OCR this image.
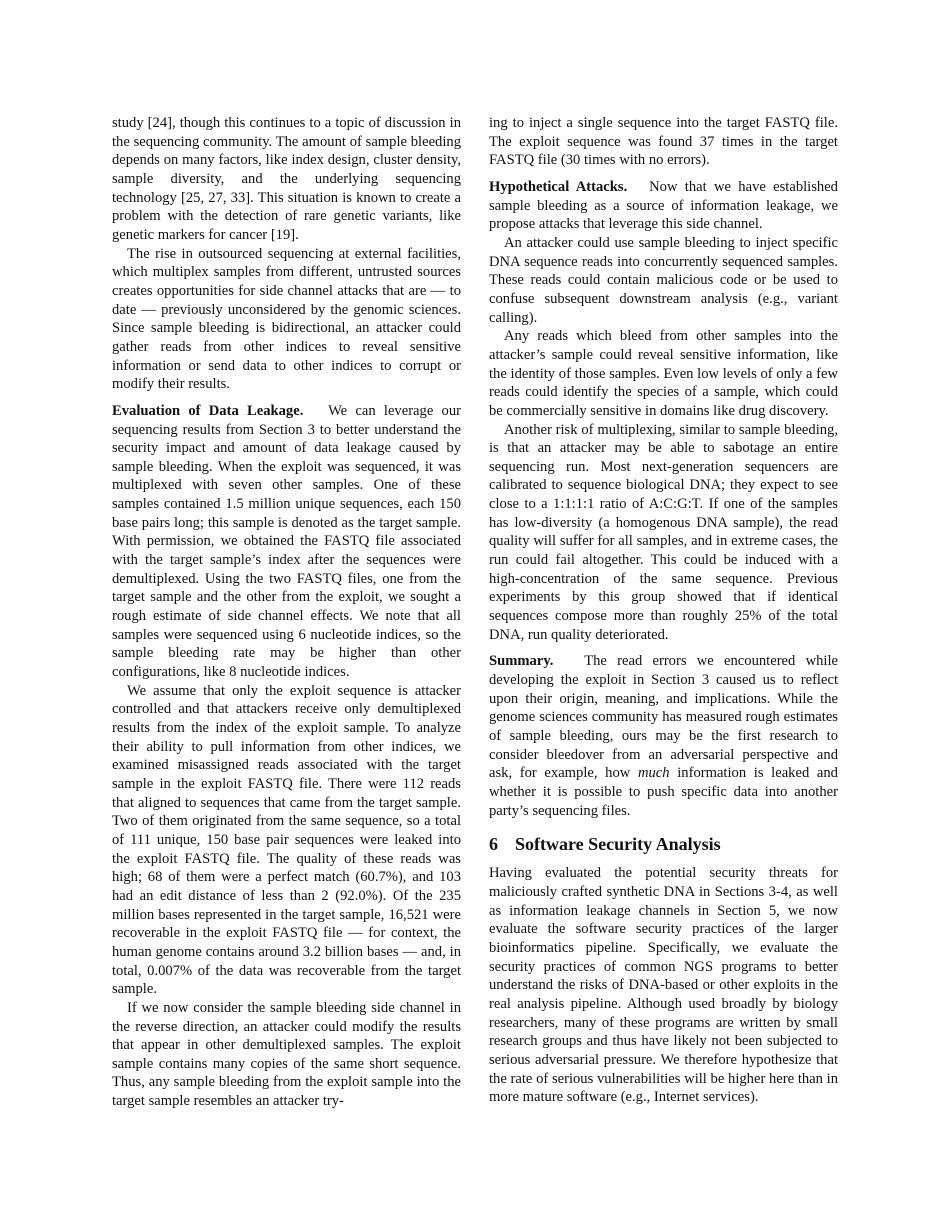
study [24], though this continues to a topic of discussion in the sequencing community. The amount of sample bleeding depends on many factors, like index design, cluster density, sample diversity, and the underlying sequencing technology [25, 27, 33]. This situation is known to create a problem with the detection of rare genetic variants, like genetic markers for cancer [19].

The rise in outsourced sequencing at external facilities, which multiplex samples from different, untrusted sources creates opportunities for side channel attacks that are — to date — previously unconsidered by the genomic sciences. Since sample bleeding is bidirectional, an attacker could gather reads from other indices to reveal sensitive information or send data to other indices to corrupt or modify their results.

Evaluation of Data Leakage. We can leverage our sequencing results from Section 3 to better understand the security impact and amount of data leakage caused by sample bleeding. When the exploit was sequenced, it was multiplexed with seven other samples. One of these samples contained 1.5 million unique sequences, each 150 base pairs long; this sample is denoted as the target sample. With permission, we obtained the FASTQ file associated with the target sample’s index after the sequences were demultiplexed. Using the two FASTQ files, one from the target sample and the other from the exploit, we sought a rough estimate of side channel effects. We note that all samples were sequenced using 6 nucleotide indices, so the sample bleeding rate may be higher than other configurations, like 8 nucleotide indices.

We assume that only the exploit sequence is attacker controlled and that attackers receive only demultiplexed results from the index of the exploit sample. To analyze their ability to pull information from other indices, we examined misassigned reads associated with the target sample in the exploit FASTQ file. There were 112 reads that aligned to sequences that came from the target sample. Two of them originated from the same sequence, so a total of 111 unique, 150 base pair sequences were leaked into the exploit FASTQ file. The quality of these reads was high; 68 of them were a perfect match (60.7%), and 103 had an edit distance of less than 2 (92.0%). Of the 235 million bases represented in the target sample, 16,521 were recoverable in the exploit FASTQ file — for context, the human genome contains around 3.2 billion bases — and, in total, 0.007% of the data was recoverable from the target sample.

If we now consider the sample bleeding side channel in the reverse direction, an attacker could modify the results that appear in other demultiplexed samples. The exploit sample contains many copies of the same short sequence. Thus, any sample bleeding from the exploit sample into the target sample resembles an attacker try-

ing to inject a single sequence into the target FASTQ file. The exploit sequence was found 37 times in the target FASTQ file (30 times with no errors).

Hypothetical Attacks. Now that we have established sample bleeding as a source of information leakage, we propose attacks that leverage this side channel.

An attacker could use sample bleeding to inject specific DNA sequence reads into concurrently sequenced samples. These reads could contain malicious code or be used to confuse subsequent downstream analysis (e.g., variant calling).

Any reads which bleed from other samples into the attacker’s sample could reveal sensitive information, like the identity of those samples. Even low levels of only a few reads could identify the species of a sample, which could be commercially sensitive in domains like drug discovery.

Another risk of multiplexing, similar to sample bleeding, is that an attacker may be able to sabotage an entire sequencing run. Most next-generation sequencers are calibrated to sequence biological DNA; they expect to see close to a 1:1:1:1 ratio of A:C:G:T. If one of the samples has low-diversity (a homogenous DNA sample), the read quality will suffer for all samples, and in extreme cases, the run could fail altogether. This could be induced with a high-concentration of the same sequence. Previous experiments by this group showed that if identical sequences compose more than roughly 25% of the total DNA, run quality deteriorated.

Summary. The read errors we encountered while developing the exploit in Section 3 caused us to reflect upon their origin, meaning, and implications. While the genome sciences community has measured rough estimates of sample bleeding, ours may be the first research to consider bleedover from an adversarial perspective and ask, for example, how much information is leaked and whether it is possible to push specific data into another party’s sequencing files.

6 Software Security Analysis

Having evaluated the potential security threats for maliciously crafted synthetic DNA in Sections 3-4, as well as information leakage channels in Section 5, we now evaluate the software security practices of the larger bioinformatics pipeline. Specifically, we evaluate the security practices of common NGS programs to better understand the risks of DNA-based or other exploits in the real analysis pipeline. Although used broadly by biology researchers, many of these programs are written by small research groups and thus have likely not been subjected to serious adversarial pressure. We therefore hypothesize that the rate of serious vulnerabilities will be higher here than in more mature software (e.g., Internet services).
